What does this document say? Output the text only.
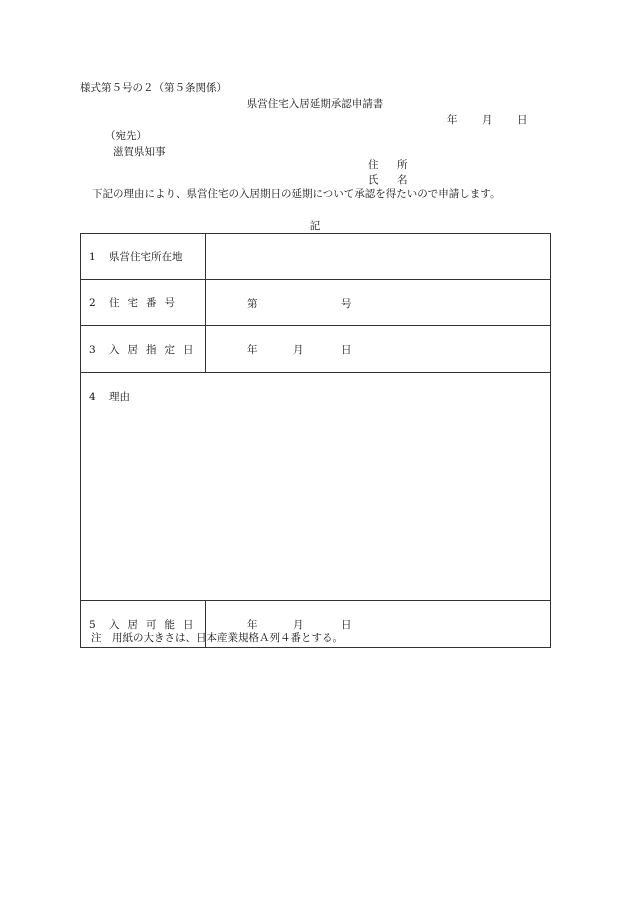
様式第５号の２（第５条関係）
県営住宅入居延期承認申請書
年 月 日
（宛先）
滋賀県知事
住　所
氏　名
下記の理由により、県営住宅の入居期日の延期について承認を得たいので申請します。
記
1 県営住宅所在地	
2 住宅番号	第 号

3 入居指定日	年 月 日

4 理由	
5 入居可能日	年 月 日
注　用紙の大きさは、日本産業規格Ａ列４番とする。
